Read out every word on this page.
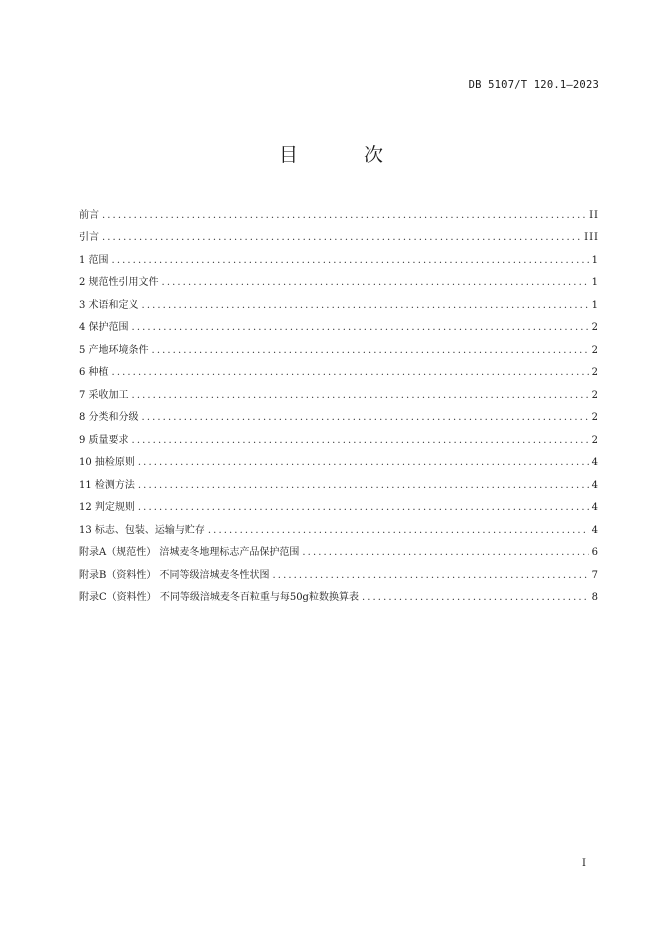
DB 5107/T 120.1—2023
目 次
前言 .....	II
引言 .....	III
1 范围 .....	1
2 规范性引用文件 .....	1
3 术语和定义 .....	1
4 保护范围 .....	2
5 产地环境条件 .....	2
6 种植 .....	2
7 采收加工 .....	2
8 分类和分级 .....	2
9 质量要求 .....	2
10 抽检原则 .....	4
11 检测方法 .....	4
12 判定规则 .....	4
13 标志、包装、运输与贮存 .....	4
附录A（规范性） 涪城麦冬地理标志产品保护范围 .....	6
附录B（资料性） 不同等级涪城麦冬性状图 .....	7
附录C（资料性） 不同等级涪城麦冬百粒重与每50g粒数换算表 .....	8
I
